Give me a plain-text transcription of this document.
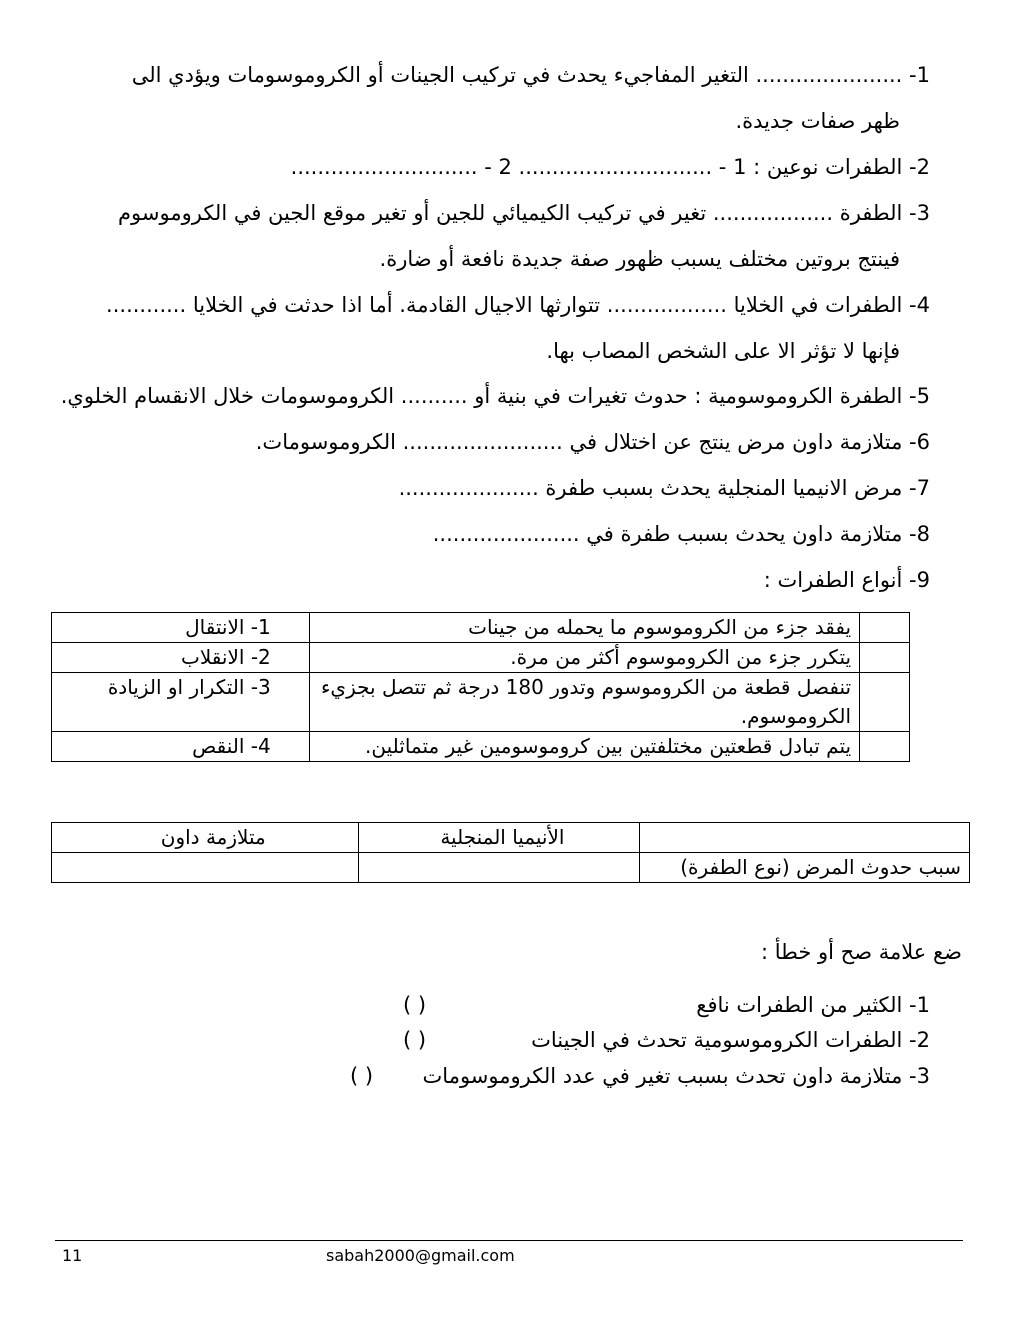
1- ...................... التغير المفاجيء يحدث في تركيب الجينات أو الكروموسومات ويؤدي الى
ظهر صفات جديدة.
2- الطفرات نوعين : 1 - ............................. 2 - ............................
3- الطفرة .................. تغير في تركيب الكيميائي للجين أو تغير موقع الجين في الكروموسوم
فينتج بروتين مختلف يسبب ظهور صفة جديدة نافعة أو ضارة.
4- الطفرات في الخلايا .................. تتوارثها الاجيال القادمة. أما اذا حدثت في الخلايا ............
فإنها لا تؤثر الا على الشخص المصاب بها.
5- الطفرة الكروموسومية : حدوث تغيرات في بنية أو .......... الكروموسومات خلال الانقسام الخلوي.
6- متلازمة داون مرض ينتج عن اختلال في ........................ الكروموسومات.
7- مرض الانيميا المنجلية يحدث بسبب طفرة .....................
8- متلازمة داون يحدث بسبب طفرة في ......................
9- أنواع الطفرات :
	يفقد جزء من الكروموسوم ما يحمله من جينات	1- الانتقال
	يتكرر جزء من الكروموسوم أكثر من مرة.	2- الانقلاب
	تنفصل قطعة من الكروموسوم وتدور 180 درجة ثم تتصل بجزيء الكروموسوم.	3- التكرار او الزيادة
	يتم تبادل قطعتين مختلفتين بين كروموسومين غير متماثلين.	4- النقص
	الأنيميا المنجلية	متلازمة داون
سبب حدوث المرض (نوع الطفرة)		
ضع علامة صح أو خطأ :
1- الكثير من الطفرات نافع
( )
2- الطفرات الكروموسومية تحدث في الجينات
( )
3- متلازمة داون تحدث بسبب تغير في عدد الكروموسومات
( )
11	sabah2000@gmail.com
